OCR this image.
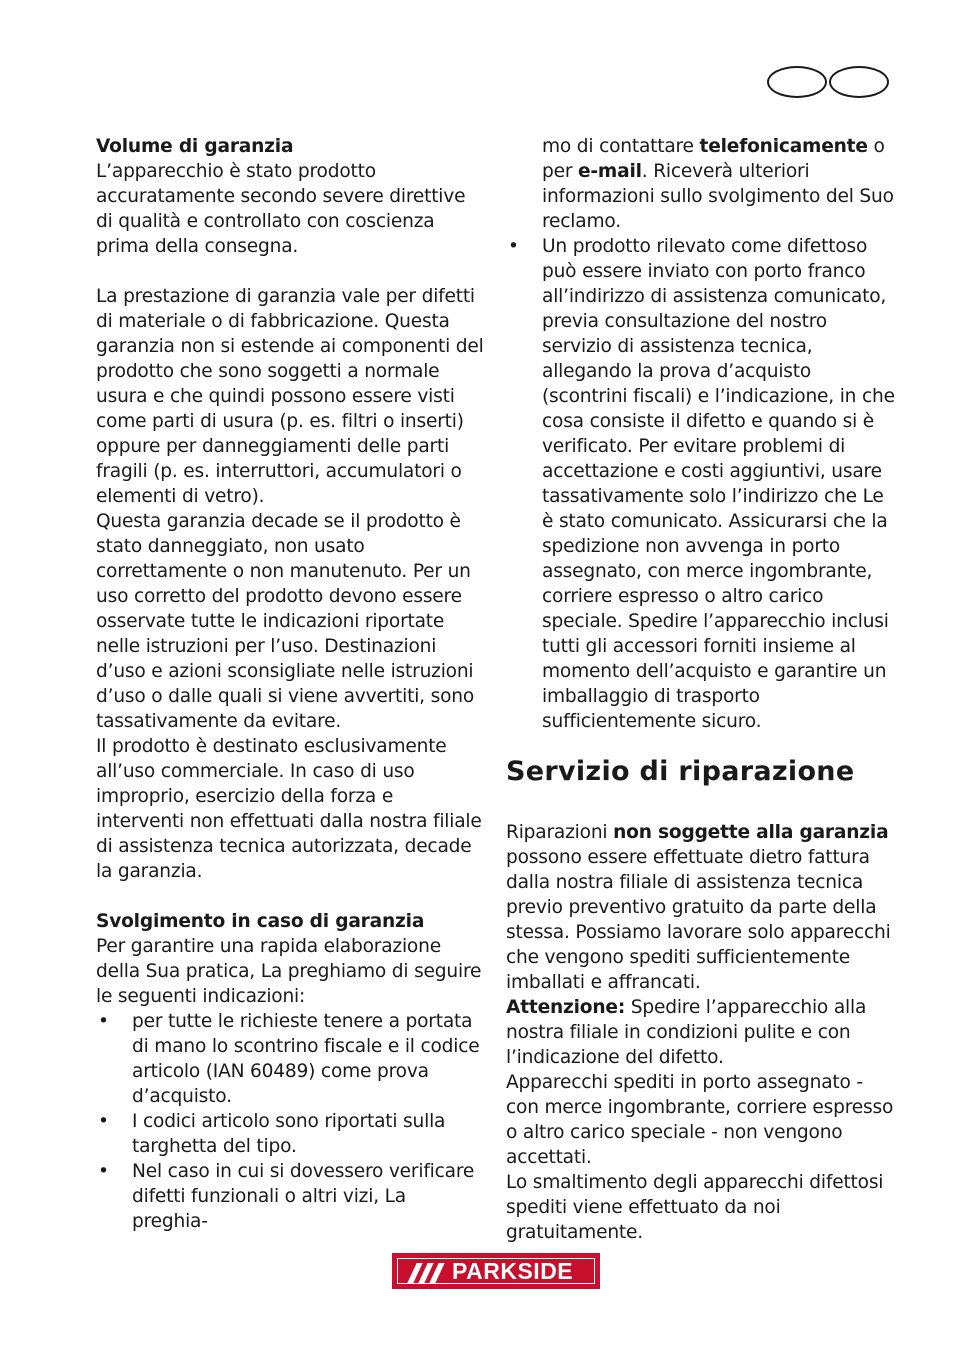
Volume di garanzia

L’apparecchio è stato prodotto accuratamente secondo severe direttive di qualità e controllato con coscienza prima della consegna.

La prestazione di garanzia vale per difetti di materiale o di fabbricazione. Questa garanzia non si estende ai componenti del prodotto che sono soggetti a normale usura e che quindi possono essere visti come parti di usura (p. es. filtri o inserti) oppure per danneggiamenti delle parti fragili (p. es. interruttori, accumulatori o elementi di vetro).

Questa garanzia decade se il prodotto è stato danneggiato, non usato correttamente o non manutenuto. Per un uso corretto del prodotto devono essere osservate tutte le indicazioni riportate nelle istruzioni per l’uso. Destinazioni d’uso e azioni sconsigliate nelle istruzioni d’uso o dalle quali si viene avvertiti, sono tassativamente da evitare.

Il prodotto è destinato esclusivamente all’uso commerciale. In caso di uso improprio, esercizio della forza e interventi non effettuati dalla nostra filiale di assistenza tecnica autorizzata, decade la garanzia.

Svolgimento in caso di garanzia

Per garantire una rapida elaborazione della Sua pratica, La preghiamo di seguire le seguenti indicazioni:

• per tutte le richieste tenere a portata di mano lo scontrino fiscale e il codice articolo (IAN 60489) come prova d’acquisto.
• I codici articolo sono riportati sulla targhetta del tipo.
• Nel caso in cui si dovessero verificare difetti funzionali o altri vizi, La preghia-
mo di contattare telefonicamente o per e-mail. Riceverà ulteriori informazioni sullo svolgimento del Suo reclamo.
• Un prodotto rilevato come difettoso può essere inviato con porto franco all’indirizzo di assistenza comunicato, previa consultazione del nostro servizio di assistenza tecnica, allegando la prova d’acquisto (scontrini fiscali) e l’indicazione, in che cosa consiste il difetto e quando si è verificato. Per evitare problemi di accettazione e costi aggiuntivi, usare tassativamente solo l’indirizzo che Le è stato comunicato. Assicurarsi che la spedizione non avvenga in porto assegnato, con merce ingombrante, corriere espresso o altro carico speciale. Spedire l’apparecchio inclusi tutti gli accessori forniti insieme al momento dell’acquisto e garantire un imballaggio di trasporto sufficientemente sicuro.
Servizio di riparazione

Riparazioni non soggette alla garanzia possono essere effettuate dietro fattura dalla nostra filiale di assistenza tecnica previo preventivo gratuito da parte della stessa. Possiamo lavorare solo apparecchi che vengono spediti sufficientemente imballati e affrancati.

Attenzione: Spedire l’apparecchio alla nostra filiale in condizioni pulite e con l’indicazione del difetto.

Apparecchi spediti in porto assegnato - con merce ingombrante, corriere espresso o altro carico speciale - non vengono accettati.

Lo smaltimento degli apparecchi difettosi spediti viene effettuato da noi gratuitamente.

PARKSIDE
